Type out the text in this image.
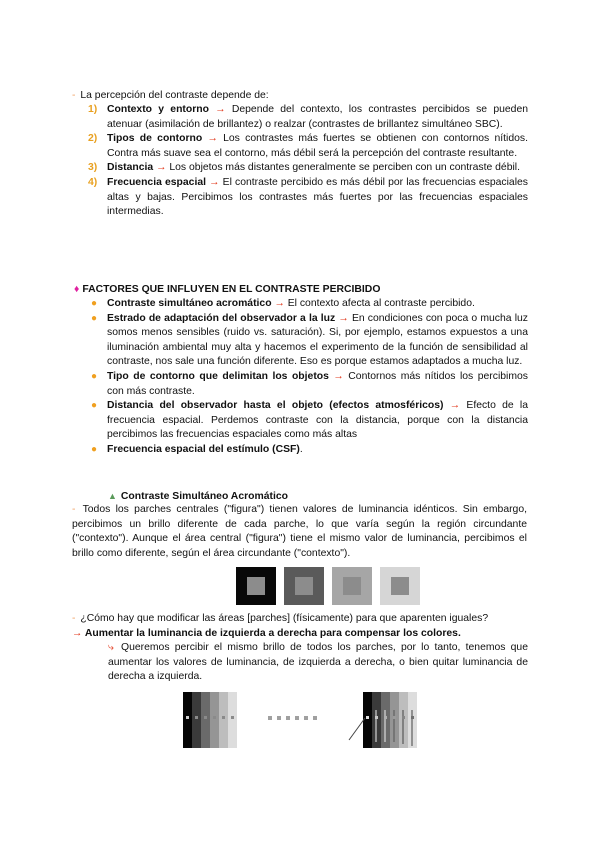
- La percepción del contraste depende de:
1) Contexto y entorno → Depende del contexto, los contrastes percibidos se pueden atenuar (asimilación de brillantez) o realzar (contrastes de brillantez simultáneo SBC).
2) Tipos de contorno → Los contrastes más fuertes se obtienen con contornos nítidos. Contra más suave sea el contorno, más débil será la percepción del contraste resultante.
3) Distancia → Los objetos más distantes generalmente se perciben con un contraste débil.
4) Frecuencia espacial → El contraste percibido es más débil por las frecuencias espaciales altas y bajas. Percibimos los contrastes más fuertes por las frecuencias espaciales intermedias.
♦ FACTORES QUE INFLUYEN EN EL CONTRASTE PERCIBIDO
● Contraste simultáneo acromático → El contexto afecta al contraste percibido.
● Estrado de adaptación del observador a la luz → En condiciones con poca o mucha luz somos menos sensibles (ruido vs. saturación). Si, por ejemplo, estamos expuestos a una iluminación ambiental muy alta y hacemos el experimento de la función de sensibilidad al contraste, nos sale una función diferente. Eso es porque estamos adaptados a mucha luz.
● Tipo de contorno que delimitan los objetos → Contornos más nítidos los percibimos con más contraste.
● Distancia del observador hasta el objeto (efectos atmosféricos) → Efecto de la frecuencia espacial. Perdemos contraste con la distancia, porque con la distancia percibimos las frecuencias espaciales como más altas
● Frecuencia espacial del estímulo (CSF).
▲ Contraste Simultáneo Acromático
- Todos los parches centrales ("figura") tienen valores de luminancia idénticos. Sin embargo, percibimos un brillo diferente de cada parche, lo que varía según la región circundante ("contexto"). Aunque el área central ("figura") tiene el mismo valor de luminancia, percibimos el brillo como diferente, según el área circundante ("contexto").
- ¿Cómo hay que modificar las áreas [parches] (físicamente) para que aparenten iguales?
→ Aumentar la luminancia de izquierda a derecha para compensar los colores.
⤷ Queremos percibir el mismo brillo de todos los parches, por lo tanto, tenemos que aumentar los valores de luminancia, de izquierda a derecha, o bien quitar luminancia de derecha a izquierda.
